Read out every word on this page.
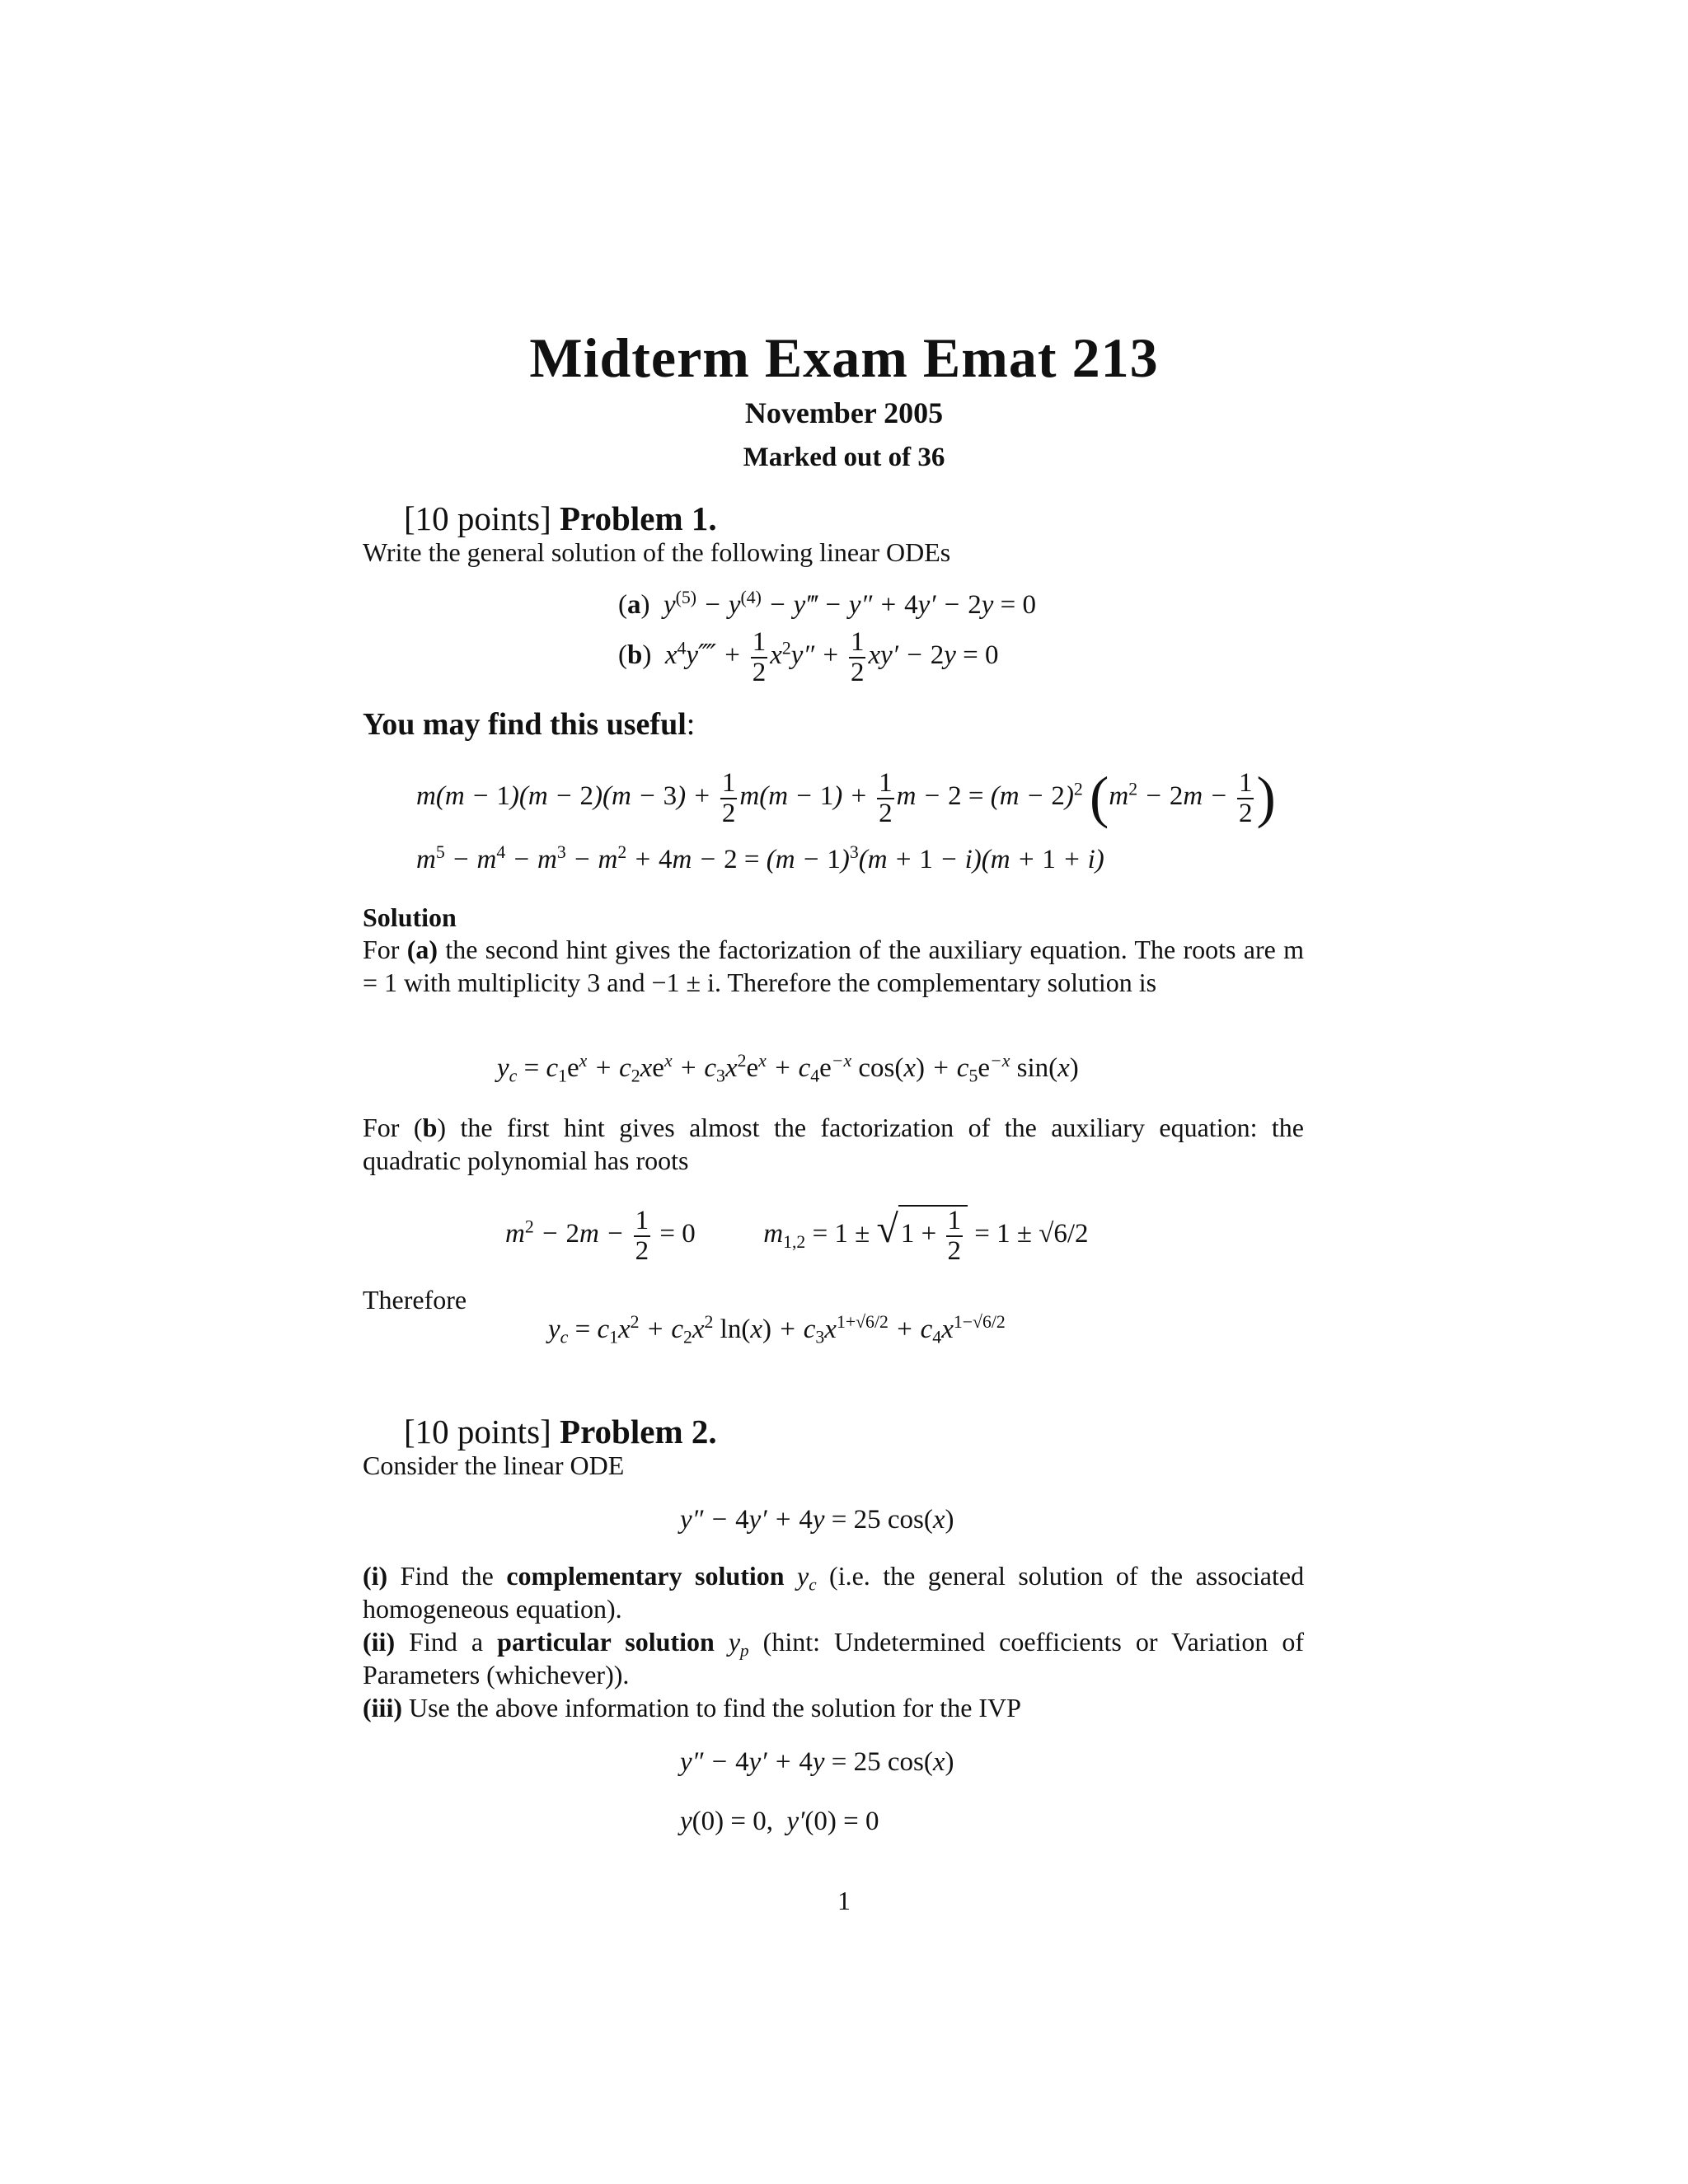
Midterm Exam Emat 213
November 2005
Marked out of 36
[10 points] Problem 1.
Write the general solution of the following linear ODEs
(a)  $y^{(5)} - y^{(4)}$ − y‴ − y″ + 4y′ − 2y = 0
(b)  $x^4y⁗ + \frac{1}{2} x^2y'' + \frac{1}{2} xy' - 2y = 0$
You may find this useful:
$m(m - 1)(m - 2)(m - 3) + \frac{1}{2} m(m - 1) + \frac{1}{2}$ $m - 2 = (m - 2)^2$ ($m^2 - 2m - \frac{1}{2}$ )
$m^5 - m^4 - m^3 - m^2 + 4m - 2 = (m - 1)^3(m + 1 - i)(m + 1 + i)$
Solution
For (a) the second hint gives the factorization of the auxiliary equation. The roots are m = 1 with multiplicity 3 and −1 ± i. Therefore the complementary solution is
$y_c = c_1e^x + c_2xe^x + c_3x^2e^x + c_4e^{-x}$ $\cos(x) + c_5e^{-x}$ sin(x)
For (b) the first hint gives almost the factorization of the auxiliary equation: the quadratic polynomial has roots
$m^2 - 2m - \frac{1}{2} = 0$          $m_{1,2} = 1 \pm √1 + \frac{1}{2} = 1 \pm √6/2$
Therefore
$y_c = c_1x^2 + c_2x^2$ $\ln(x) + c_3x^{1+√6/2} + c_4x^{1-√6/2}$
[10 points] Problem 2.
Consider the linear ODE
y″ − 4y′ + 4y = 25 cos(x)
(i) Find the complementary solution $y_c$ (i.e. the general solution of the associated homogeneous equation).
(ii) Find a particular solution $y_p$ (hint: Undetermined coefficients or Variation of Parameters (whichever)).
(iii) Use the above information to find the solution for the IVP
y″ − 4y′ + 4y = 25 cos(x)
y(0) = 0,  y′(0) = 0
1
